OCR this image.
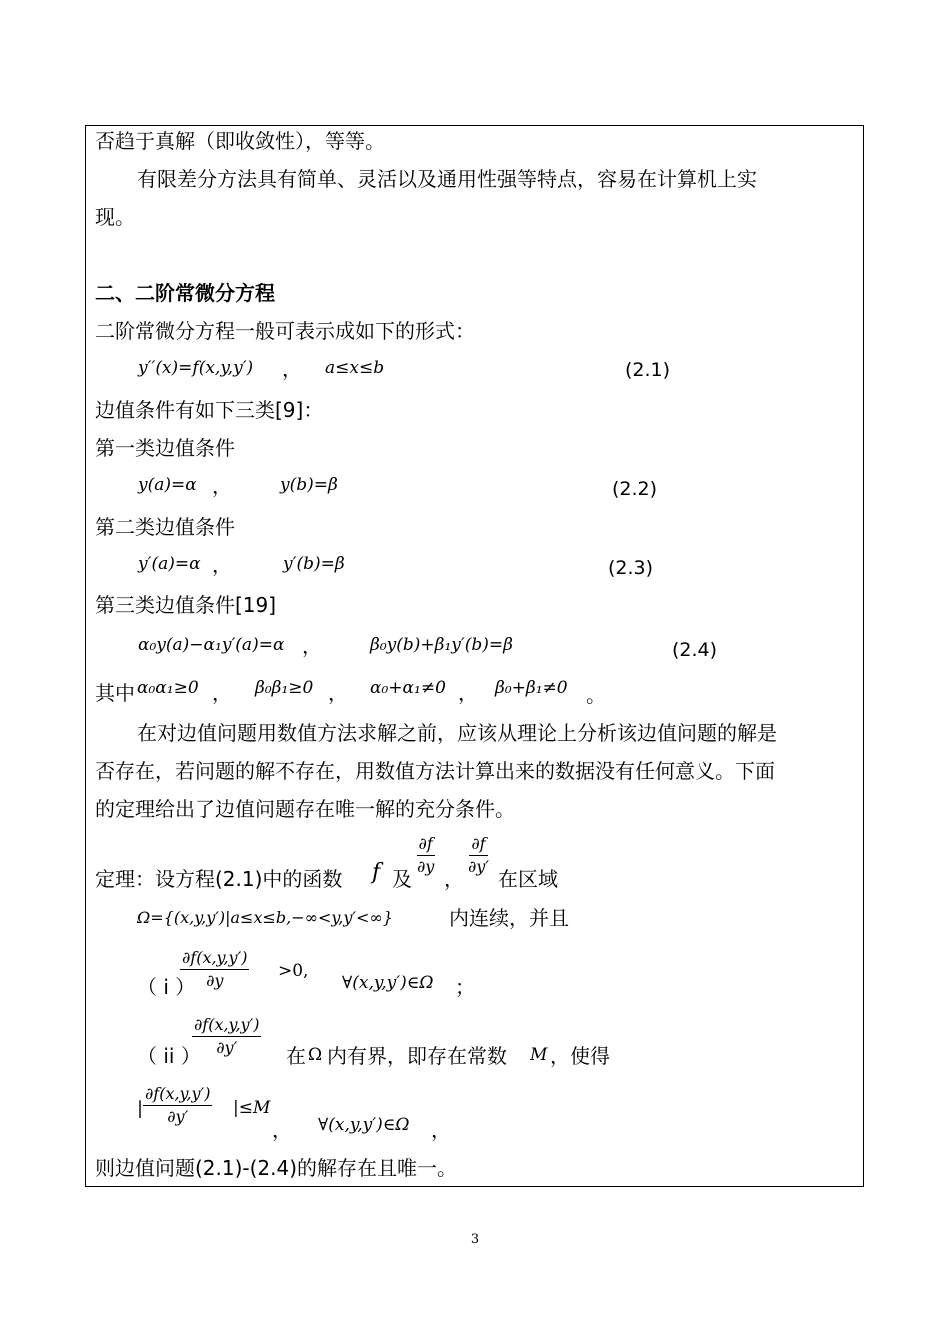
否趋于真解（即收敛性），等等。
有限差分方法具有简单、灵活以及通用性强等特点，容易在计算机上实
现。
二、二阶常微分方程
二阶常微分方程一般可表示成如下的形式：
y′′(x)=f(x,y,y′) ， a≤x≤b	(2.1)
边值条件有如下三类[9]：
第一类边值条件
y(a)=α ，	y(b)=β	(2.2)
第二类边值条件
y′(a)=α ，	y′(b)=β	(2.3)
第三类边值条件[19]
α₀y(a)−α₁y′(a)=α ，	β₀y(b)+β₁y′(b)=β	(2.4)
其中 α₀α₁≥0 ， β₀β₁≥0 ， α₀+α₁≠0 ， β₀+β₁≠0 。
在对边值问题用数值方法求解之前，应该从理论上分析该边值问题的解是
否存在，若问题的解不存在，用数值方法计算出来的数据没有任何意义。下面
的定理给出了边值问题存在唯一解的充分条件。
定理：设方程(2.1)中的函数 f 及
$\frac{\partial f}{\partial y}$
，
$\frac{\partial f}{\partial y'}$
在区域
Ω={(x,y,y′)|a≤x≤b,−∞<y,y′<∞}	内连续，并且
（ i ）
$\frac{\partial f(x,y,y')}{\partial y} >0$,
∀(x,y,y′)∈Ω ；
（ ii ）
$\frac{\partial f(x,y,y')}{\partial y'}$ 在 Ω 内有界，即存在常数 M ，使得
| $\frac{\partial f(x,y,y')}{\partial y'} |\le M$
， ∀(x,y,y′)∈Ω ，
则边值问题(2.1)-(2.4)的解存在且唯一。
3
